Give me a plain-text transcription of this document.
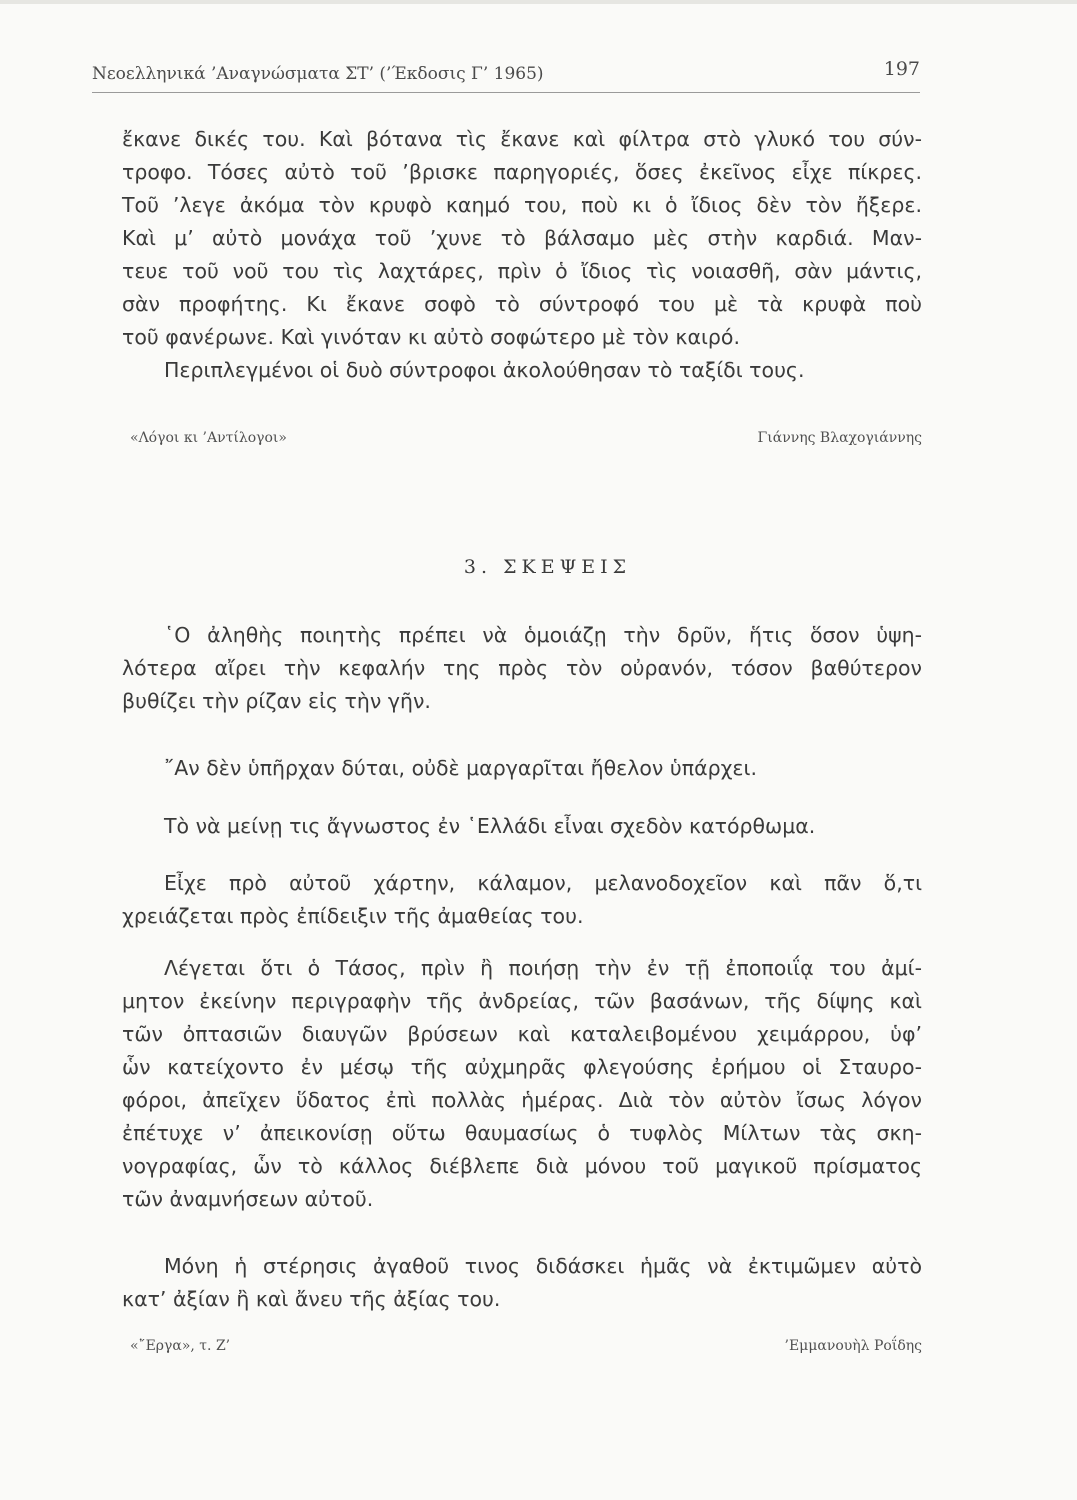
Νεοελληνικά ’Αναγνώσματα ΣΤ’ (’Έκδοσις Γ’ 1965)	197
ἔκανε δικές του. Καὶ βότανα τὶς ἔκανε καὶ φίλτρα στὸ γλυκό του σύν-
τροφο. Τόσες αὐτὸ τοῦ ’βρισκε παρηγοριές, ὅσες ἐκεῖνος εἶχε πίκρες.
Τοῦ ’λεγε ἀκόμα τὸν κρυφὸ καημό του, ποὺ κι ὁ ἴδιος δὲν τὸν ἤξερε.
Καὶ μ’ αὐτὸ μονάχα τοῦ ’χυνε τὸ βάλσαμο μὲς στὴν καρδιά. Μαν-
τευε τοῦ νοῦ του τὶς λαχτάρες, πρὶν ὁ ἴδιος τὶς νοιασθῆ, σὰν μάντις,
σὰν προφήτης. Κι ἔκανε σοφὸ τὸ σύντροφό του μὲ τὰ κρυφὰ ποὺ
τοῦ φανέρωνε. Καὶ γινόταν κι αὐτὸ σοφώτερο μὲ τὸν καιρό.
Περιπλεγμένοι οἱ δυὸ σύντροφοι ἀκολούθησαν τὸ ταξίδι τους.
«Λόγοι κι ’Αντίλογοι»	Γιάννης Βλαχογιάννης
3. ΣΚΕΨΕΙΣ
῾Ο ἀληθὴς ποιητὴς πρέπει νὰ ὁμοιάζῃ τὴν δρῦν, ἥτις ὅσον ὑψη-
λότερα αἴρει τὴν κεφαλήν της πρὸς τὸν οὐρανόν, τόσον βαθύτερον
βυθίζει τὴν ρίζαν εἰς τὴν γῆν.
῎Αν δὲν ὑπῆρχαν δύται, οὐδὲ μαργαρῖται ἤθελον ὑπάρχει.
Τὸ νὰ μείνῃ τις ἄγνωστος ἐν ῾Ελλάδι εἶναι σχεδὸν κατόρθωμα.
Εἶχε πρὸ αὐτοῦ χάρτην, κάλαμον, μελανοδοχεῖον καὶ πᾶν ὅ,τι
χρειάζεται πρὸς ἐπίδειξιν τῆς ἀμαθείας του.
Λέγεται ὅτι ὁ Τάσος, πρὶν ἢ ποιήσῃ τὴν ἐν τῇ ἐποποιΐᾳ του ἀμί-
μητον ἐκείνην περιγραφὴν τῆς ἀνδρείας, τῶν βασάνων, τῆς δίψης καὶ
τῶν ὀπτασιῶν διαυγῶν βρύσεων καὶ καταλειβομένου χειμάρρου, ὑφ’
ὧν κατείχοντο ἐν μέσῳ τῆς αὐχμηρᾶς φλεγούσης ἐρήμου οἱ Σταυρο-
φόροι, ἀπεῖχεν ὕδατος ἐπὶ πολλὰς ἡμέρας. Διὰ τὸν αὐτὸν ἴσως λόγον
ἐπέτυχε ν’ ἀπεικονίσῃ οὕτω θαυμασίως ὁ τυφλὸς Μίλτων τὰς σκη-
νογραφίας, ὧν τὸ κάλλος διέβλεπε διὰ μόνου τοῦ μαγικοῦ πρίσματος
τῶν ἀναμνήσεων αὐτοῦ.
Μόνη ἡ στέρησις ἀγαθοῦ τινος διδάσκει ἡμᾶς νὰ ἐκτιμῶμεν αὐτὸ
κατ’ ἀξίαν ἢ καὶ ἄνευ τῆς ἀξίας του.
«῎Εργα», τ. Ζ’	’Εμμανουὴλ Ροΐδης
